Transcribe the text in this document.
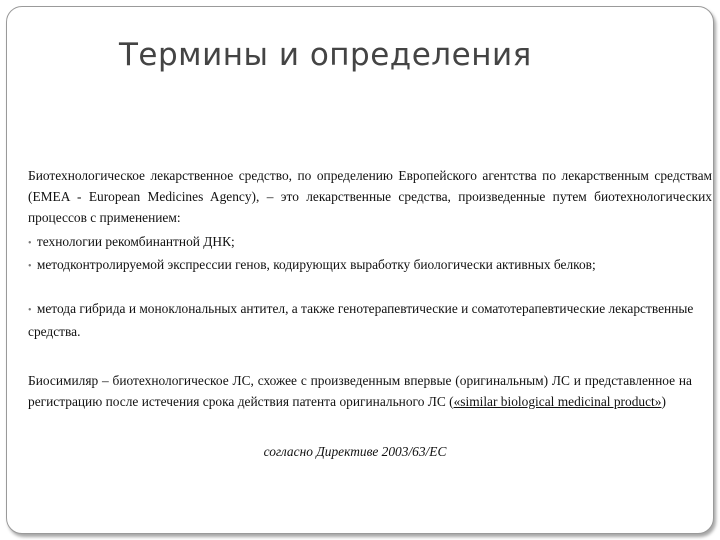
Термины и определения

Биотехнологическое лекарственное средство, по определению Европейского агентства по лекарственным средствам (EMEA - European Medicines Agency), – это лекарственные средства, произведенные путем биотехнологических процессов с применением:

• технологии рекомбинантной ДНК;

• методконтролируемой экспрессии генов, кодирующих выработку биологически активных белков;

• метода гибрида и моноклональных антител, а также генотерапевтические и соматотерапевтические лекарственные средства.

Биосимиляр – биотехнологическое ЛС, схожее с произведенным впервые (оригинальным) ЛС и представленное на регистрацию после истечения срока действия патента оригинального ЛС («similar biological medicinal product»)

согласно Директиве 2003/63/ЕС
